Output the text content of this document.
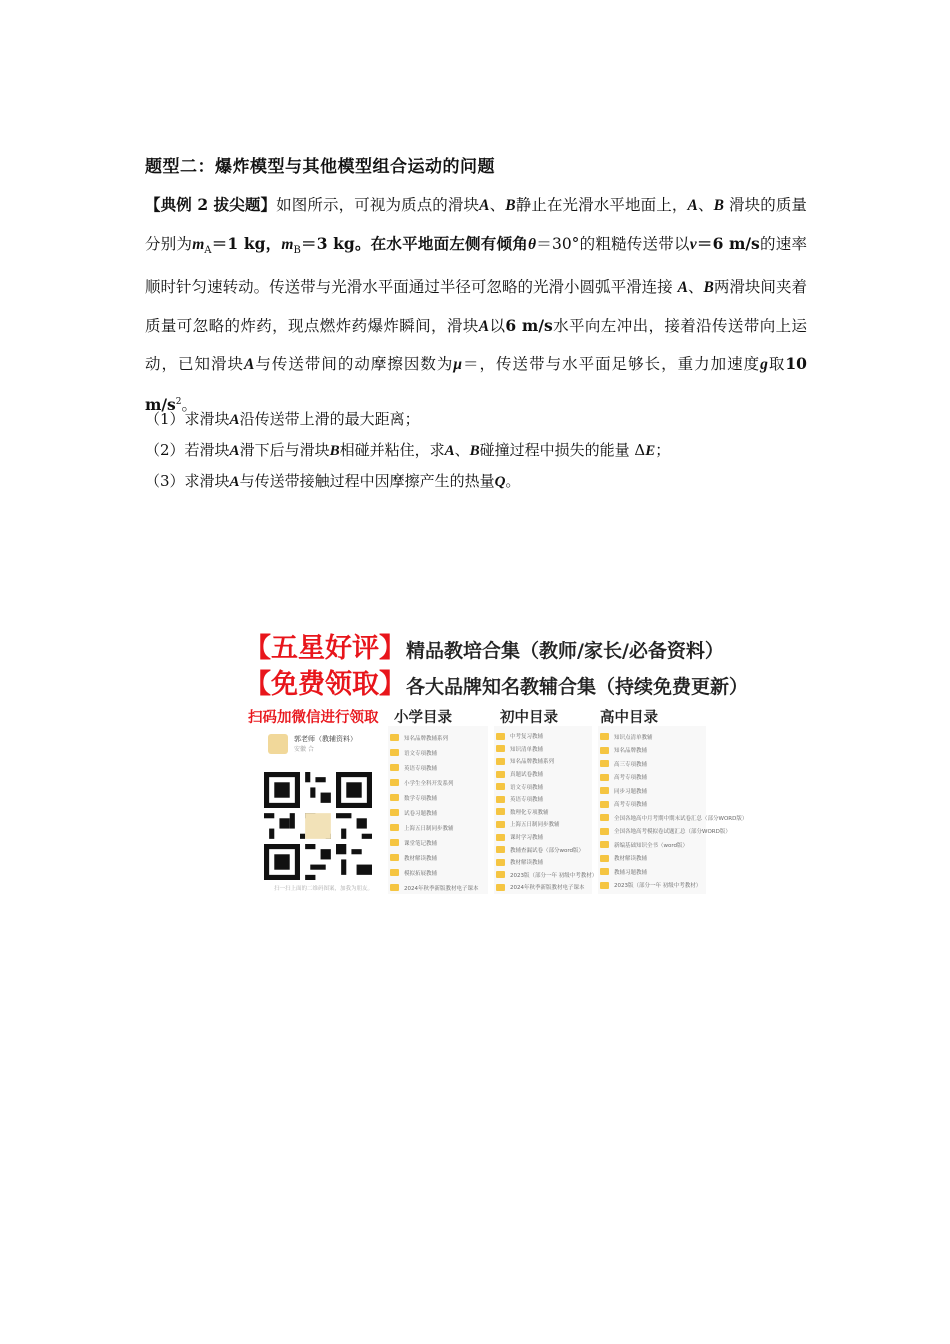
题型二：爆炸模型与其他模型组合运动的问题
【典例 2 拔尖题】如图所示，可视为质点的滑块A、B静止在光滑水平地面上，A、B 滑块的质量分别为$m_A=1$ kg，$m_B=3$ kg。在水平地面左侧有倾角θ＝30°的粗糙传送带以v＝6 m/s的速率顺时针匀速转动。传送带与光滑水平面通过半径可忽略的光滑小圆弧平滑连接 A、B两滑块间夹着质量可忽略的炸药，现点燃炸药爆炸瞬间，滑块A以6 m/s水平向左冲出，接着沿传送带向上运动，已知滑块A与传送带间的动摩擦因数为μ＝，传送带与水平面足够长，重力加速度g取10 $m/s^2$。
（1）求滑块A沿传送带上滑的最大距离；
（2）若滑块A滑下后与滑块B相碰并粘住，求A、B碰撞过程中损失的能量 ΔE；
（3）求滑块A与传送带接触过程中因摩擦产生的热量Q。
【五星好评】精品教培合集（教师/家长/必备资料）
【免费领取】各大品牌知名教辅合集（持续免费更新）
扫码加微信进行领取 小学目录	初中目录	高中目录
郭老师（教辅资料）
安徽 合
扫一扫上面的二维码图案，加我为朋友。
知名品牌教辅系列
语文专项教辅
英语专项教辅
小学生全科开发系列
数学专项教辅
试卷习题教辅
上海五日制同步教辅
课堂笔记教辅
教材解读教辅
模拟拓展教辅
2024年秋季新版教材电子课本
中考复习教辅
知识清单教辅
知名品牌教辅系列
真题试卷教辅
语文专项教辅
英语专项教辅
数理化专项教辅
上海五日制同步教辅
课时学习教辅
教辅查漏试卷（部分word版）
教材解读教辅
2023版（部分一年 初级中考教材）
2024年秋季新版教材电子课本
知识点清单教辅
知名品牌教辅
高三专项教辅
高考专项教辅
同步习题教辅
高考专项教辅
全国各地高中月考期中期末试卷汇总（部分WORD版）
全国各地高考模拟卷试题汇总（部分WORD版）
新编基础知识全书（word版）
教材解读教辅
教辅习题教辅
2023版（部分一年 初级中考教材）
